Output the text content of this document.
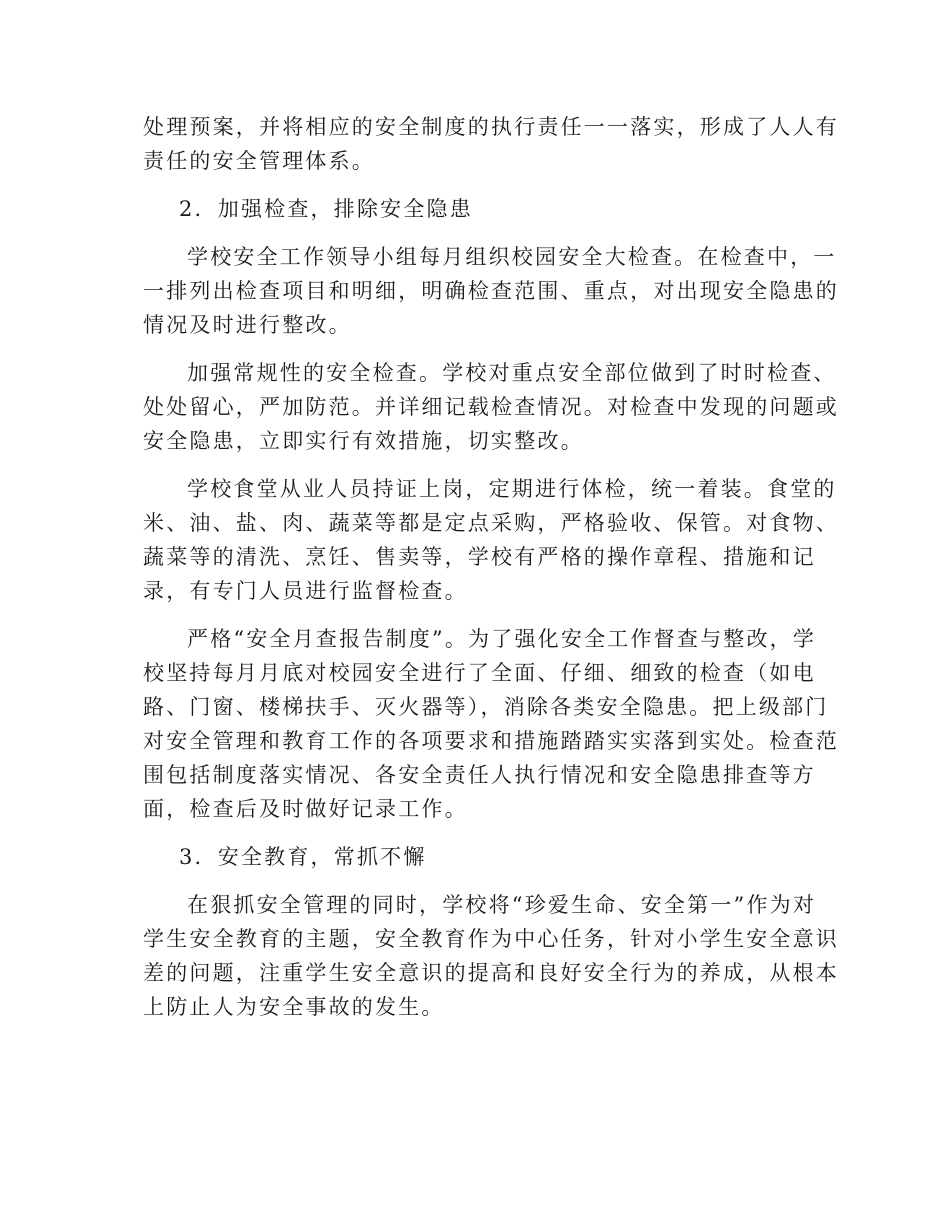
处理预案，并将相应的安全制度的执行责任一一落实，形成了人人有
责任的安全管理体系。
2．加强检查，排除安全隐患
学校安全工作领导小组每月组织校园安全大检查。在检查中，一
一排列出检查项目和明细，明确检查范围、重点，对出现安全隐患的
情况及时进行整改。
加强常规性的安全检查。学校对重点安全部位做到了时时检查、
处处留心，严加防范。并详细记载检查情况。对检查中发现的问题或
安全隐患，立即实行有效措施，切实整改。
学校食堂从业人员持证上岗，定期进行体检，统一着装。食堂的
米、油、盐、肉、蔬菜等都是定点采购，严格验收、保管。对食物、
蔬菜等的清洗、烹饪、售卖等，学校有严格的操作章程、措施和记
录，有专门人员进行监督检查。
严格“安全月查报告制度”。为了强化安全工作督查与整改，学
校坚持每月月底对校园安全进行了全面、仔细、细致的检查（如电
路、门窗、楼梯扶手、灭火器等），消除各类安全隐患。把上级部门
对安全管理和教育工作的各项要求和措施踏踏实实落到实处。检查范
围包括制度落实情况、各安全责任人执行情况和安全隐患排查等方
面，检查后及时做好记录工作。
3．安全教育，常抓不懈
在狠抓安全管理的同时，学校将“珍爱生命、安全第一”作为对
学生安全教育的主题，安全教育作为中心任务，针对小学生安全意识
差的问题，注重学生安全意识的提高和良好安全行为的养成，从根本
上防止人为安全事故的发生。
